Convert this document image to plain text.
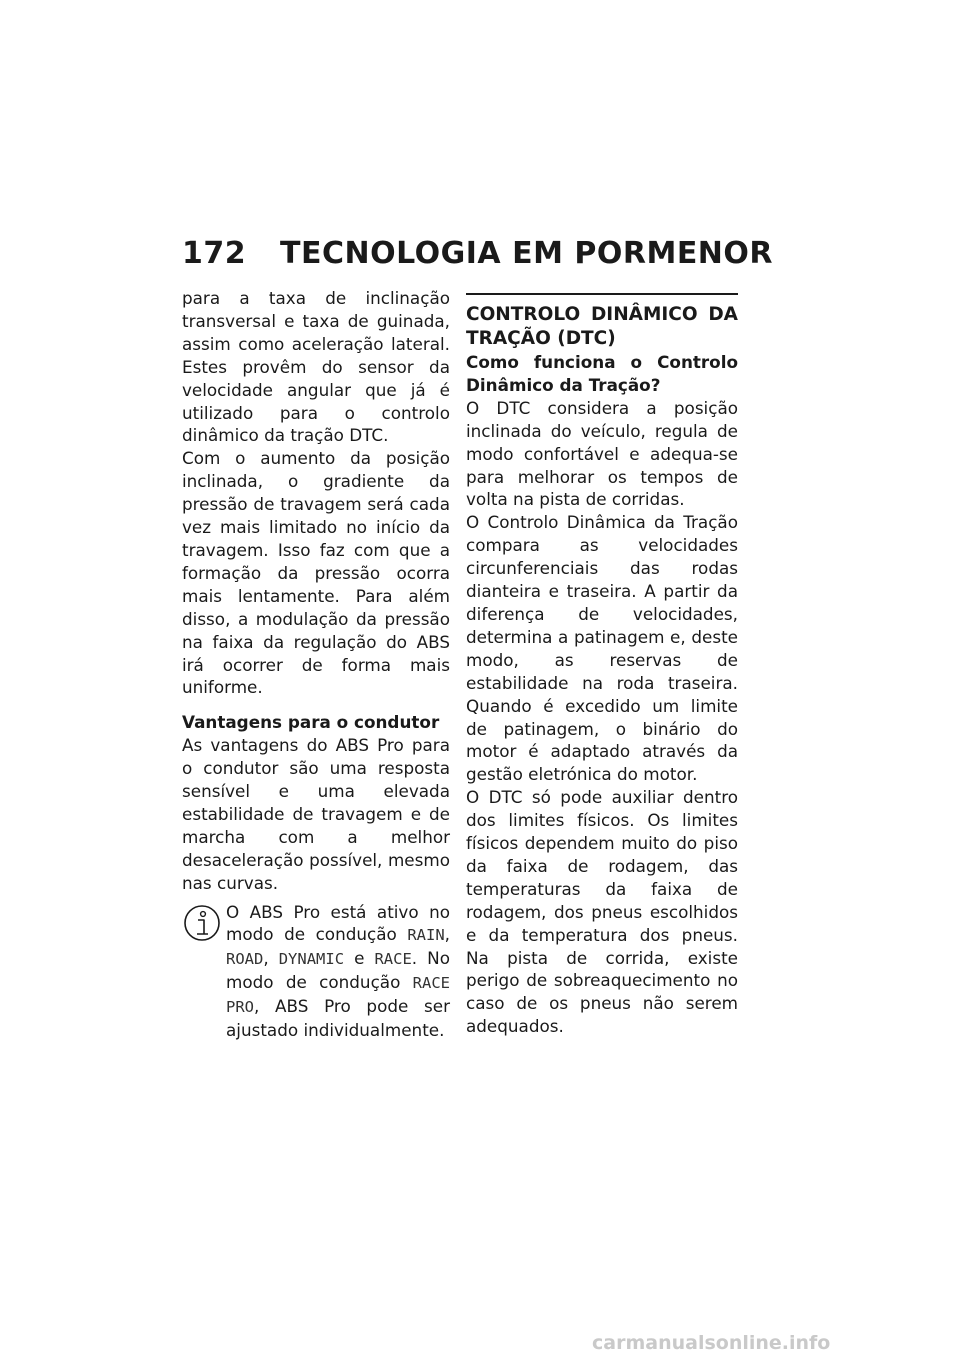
172 TECNOLOGIA EM PORMENOR

para a taxa de inclinação transversal e taxa de guinada, assim como aceleração lateral. Estes provêm do sensor da velocidade angular que já é utilizado para o controlo dinâmico da tração DTC.

Com o aumento da posição inclinada, o gradiente da pressão de travagem será cada vez mais limitado no início da travagem. Isso faz com que a formação da pressão ocorra mais lentamente. Para além disso, a modulação da pressão na faixa da regulação do ABS irá ocorrer de forma mais uniforme.

Vantagens para o condutor

As vantagens do ABS Pro para o condutor são uma resposta sensível e uma elevada estabilidade de travagem e de marcha com a melhor desaceleração possível, mesmo nas curvas.

O ABS Pro está ativo no modo de condução RAIN, ROAD, DYNAMIC e RACE. No modo de condução RACE PRO, ABS Pro pode ser ajustado individualmente.

CONTROLO DINÂMICO DA TRAÇÃO (DTC)

Como funciona o Controlo Dinâmico da Tração?

O DTC considera a posição inclinada do veículo, regula de modo confortável e adequa-se para melhorar os tempos de volta na pista de corridas.

O Controlo Dinâmica da Tração compara as velocidades circunferenciais das rodas dianteira e traseira. A partir da diferença de velocidades, determina a patinagem e, deste modo, as reservas de estabilidade na roda traseira. Quando é excedido um limite de patinagem, o binário do motor é adaptado através da gestão eletrónica do motor.

O DTC só pode auxiliar dentro dos limites físicos. Os limites físicos dependem muito do piso da faixa de rodagem, das temperaturas da faixa de rodagem, dos pneus escolhidos e da temperatura dos pneus. Na pista de corrida, existe perigo de sobreaquecimento no caso de os pneus não serem adequados.

carmanualsonline.info
